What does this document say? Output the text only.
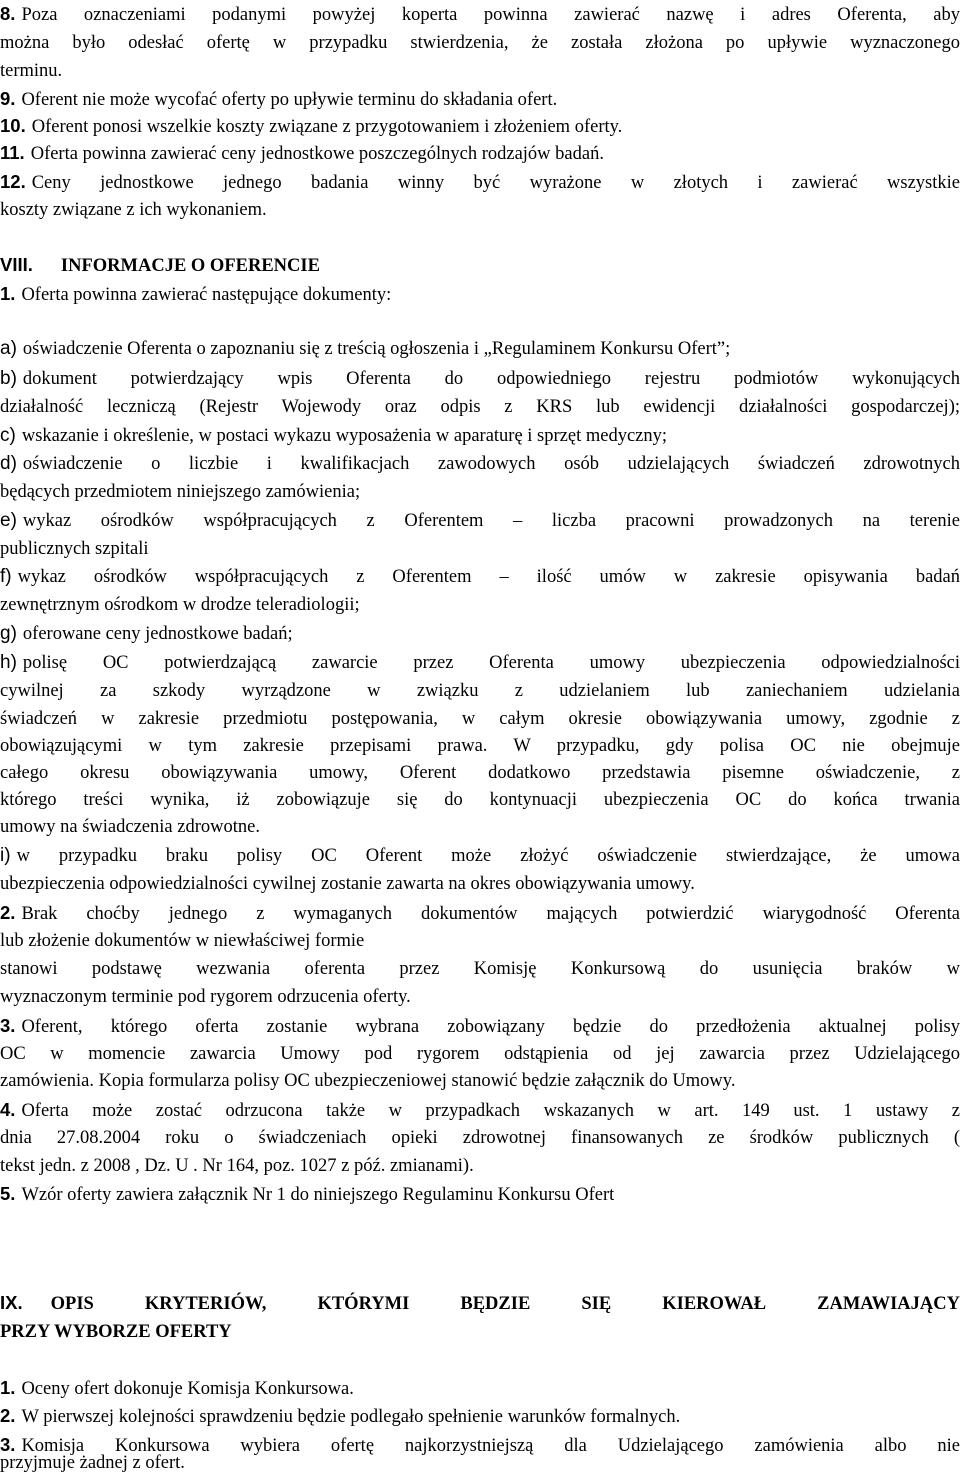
8. Poza oznaczeniami podanymi powyżej koperta powinna zawierać nazwę i adres Oferenta, aby
można było odesłać ofertę w przypadku stwierdzenia, że została złożona po upływie wyznaczonego
terminu.
9. Oferent nie może wycofać oferty po upływie terminu do składania ofert.
10. Oferent ponosi wszelkie koszty związane z przygotowaniem i złożeniem oferty.
11. Oferta powinna zawierać ceny jednostkowe poszczególnych rodzajów badań.
12. Ceny jednostkowe jednego badania winny być wyrażone w złotych i zawierać wszystkie
koszty związane z ich wykonaniem.
VIII. INFORMACJE O OFERENCIE
1. Oferta powinna zawierać następujące dokumenty:
a) oświadczenie Oferenta o zapoznaniu się z treścią ogłoszenia i „Regulaminem Konkursu Ofert”;
b) dokument potwierdzający wpis Oferenta do odpowiedniego rejestru podmiotów wykonujących
działalność leczniczą (Rejestr Wojewody oraz odpis z KRS lub ewidencji działalności gospodarczej);
c) wskazanie i określenie, w postaci wykazu wyposażenia w aparaturę i sprzęt medyczny;
d) oświadczenie o liczbie i kwalifikacjach zawodowych osób udzielających świadczeń zdrowotnych
będących przedmiotem niniejszego zamówienia;
e) wykaz ośrodków współpracujących z Oferentem – liczba pracowni prowadzonych na terenie
publicznych szpitali
f) wykaz ośrodków współpracujących z Oferentem – ilość umów w zakresie opisywania badań
zewnętrznym ośrodkom w drodze teleradiologii;
g) oferowane ceny jednostkowe badań;
h) polisę OC potwierdzającą zawarcie przez Oferenta umowy ubezpieczenia odpowiedzialności
cywilnej za szkody wyrządzone w związku z udzielaniem lub zaniechaniem udzielania
świadczeń w zakresie przedmiotu postępowania, w całym okresie obowiązywania umowy, zgodnie z
obowiązującymi w tym zakresie przepisami prawa. W przypadku, gdy polisa OC nie obejmuje
całego okresu obowiązywania umowy, Oferent dodatkowo przedstawia pisemne oświadczenie, z
którego treści wynika, iż zobowiązuje się do kontynuacji ubezpieczenia OC do końca trwania
umowy na świadczenia zdrowotne.
i) w przypadku braku polisy OC Oferent może złożyć oświadczenie stwierdzające, że umowa
ubezpieczenia odpowiedzialności cywilnej zostanie zawarta na okres obowiązywania umowy.
2. Brak choćby jednego z wymaganych dokumentów mających potwierdzić wiarygodność Oferenta
lub złożenie dokumentów w niewłaściwej formie
stanowi podstawę wezwania oferenta przez Komisję Konkursową do usunięcia braków w
wyznaczonym terminie pod rygorem odrzucenia oferty.
3. Oferent, którego oferta zostanie wybrana zobowiązany będzie do przedłożenia aktualnej polisy
OC w momencie zawarcia Umowy pod rygorem odstąpienia od jej zawarcia przez Udzielającego
zamówienia. Kopia formularza polisy OC ubezpieczeniowej stanowić będzie załącznik do Umowy.
4. Oferta może zostać odrzucona także w przypadkach wskazanych w art. 149 ust. 1 ustawy z
dnia 27.08.2004 roku o świadczeniach opieki zdrowotnej finansowanych ze środków publicznych (
tekst jedn. z 2008 , Dz. U . Nr 164, poz. 1027 z póź. zmianami).
5. Wzór oferty zawiera załącznik Nr 1 do niniejszego Regulaminu Konkursu Ofert
IX. OPIS KRYTERIÓW, KTÓRYMI BĘDZIE SIĘ KIEROWAŁ ZAMAWIAJĄCY
PRZY WYBORZE OFERTY
1. Oceny ofert dokonuje Komisja Konkursowa.
2. W pierwszej kolejności sprawdzeniu będzie podlegało spełnienie warunków formalnych.
3. Komisja Konkursowa wybiera ofertę najkorzystniejszą dla Udzielającego zamówienia albo nie
przyjmuje żadnej z ofert.
